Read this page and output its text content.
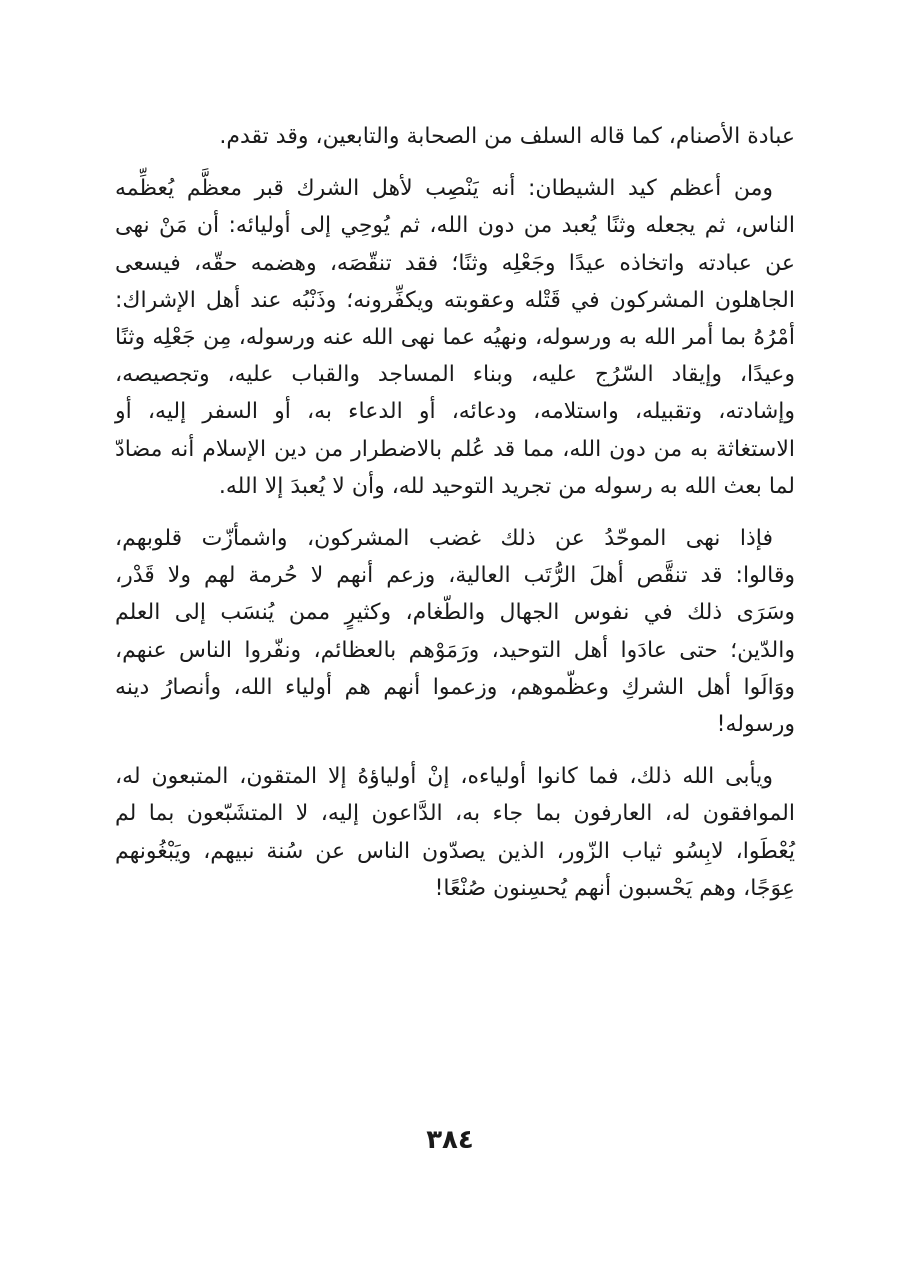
عبادة الأصنام، كما قاله السلف من الصحابة والتابعين، وقد تقدم.
ومن أعظم كيد الشيطان: أنه يَنْصِب لأهل الشرك قبر معظَّم يُعظِّمه
الناس، ثم يجعله وثنًا يُعبد من دون الله، ثم يُوحِي إلى أوليائه: أن مَنْ نهى
عن عبادته واتخاذه عيدًا وجَعْلِه وثنًا؛ فقد تنقّصَه، وهضمه حقّه، فيسعى
الجاهلون المشركون في قَتْله وعقوبته ويكفِّرونه؛ وذَنْبُه عند أهل الإشراك:
أمْرُهُ بما أمر الله به ورسوله، ونهيُه عما نهى الله عنه ورسوله، مِن جَعْلِه وثنًا
وعيدًا، وإيقاد السّرُج عليه، وبناء المساجد والقباب عليه، وتجصيصه،
وإشادته، وتقبيله، واستلامه، ودعائه، أو الدعاء به، أو السفر إليه، أو
الاستغاثة به من دون الله، مما قد عُلم بالاضطرار من دين الإسلام أنه مضادّ
لما بعث الله به رسوله من تجريد التوحيد لله، وأن لا يُعبدَ إلا الله.
فإذا نهى الموحّدُ عن ذلك غضب المشركون، واشمأزّت قلوبهم،
وقالوا: قد تنقَّص أهلَ الرُّتَب العالية، وزعم أنهم لا حُرمة لهم ولا قَدْر،
وسَرَى ذلك في نفوس الجهال والطّغام، وكثيرٍ ممن يُنسَب إلى العلم
والدّين؛ حتى عادَوا أهل التوحيد، ورَمَوْهم بالعظائم، ونفّروا الناس عنهم،
ووَالَوا أهل الشركِ وعظّموهم، وزعموا أنهم هم أولياء الله، وأنصارُ دينه
ورسوله!
ويأبى الله ذلك، فما كانوا أولياءه، إنْ أولياؤهُ إلا المتقون، المتبعون له،
الموافقون له، العارفون بما جاء به، الدَّاعون إليه، لا المتشَبّعون بما لم
يُعْطَوا، لابِسُو ثياب الزّور، الذين يصدّون الناس عن سُنة نبيهم، ويَبْغُونهم
عِوَجًا، وهم يَحْسبون أنهم يُحسِنون صُنْعًا!
٣٨٤
